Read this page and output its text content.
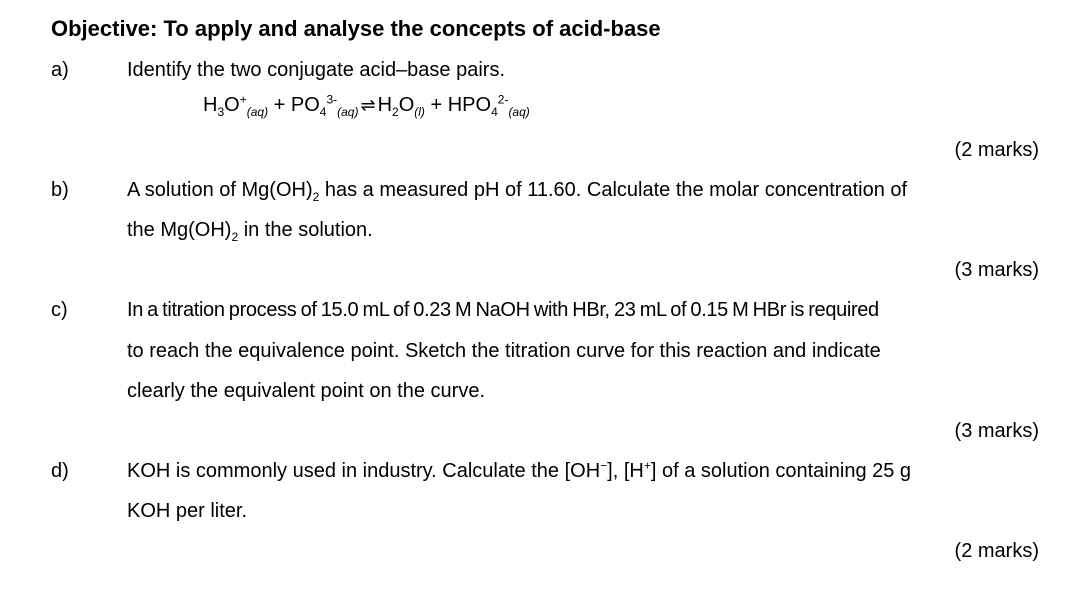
Objective: To apply and analyse the concepts of acid-base
a)	Identify the two conjugate acid–base pairs.
$H_3O^+_{(aq)} + PO_4^{3-}_{(aq)}$ ⇌ $H_2O_{(l)} + HPO_4^{2-}_{(aq)}$
(2 marks)
b)	A solution of $Mg(OH)_2$ has a measured pH of 11.60. Calculate the molar concentration of
the $Mg(OH)_2$ in the solution.
(3 marks)
c)	In a titration process of 15.0 mL of 0.23 M NaOH with HBr, 23 mL of 0.15 M HBr is required
to reach the equivalence point. Sketch the titration curve for this reaction and indicate
clearly the equivalent point on the curve.
(3 marks)
d)	KOH is commonly used in industry. Calculate the [OH−], [H+] of a solution containing 25 g
KOH per liter.
(2 marks)
